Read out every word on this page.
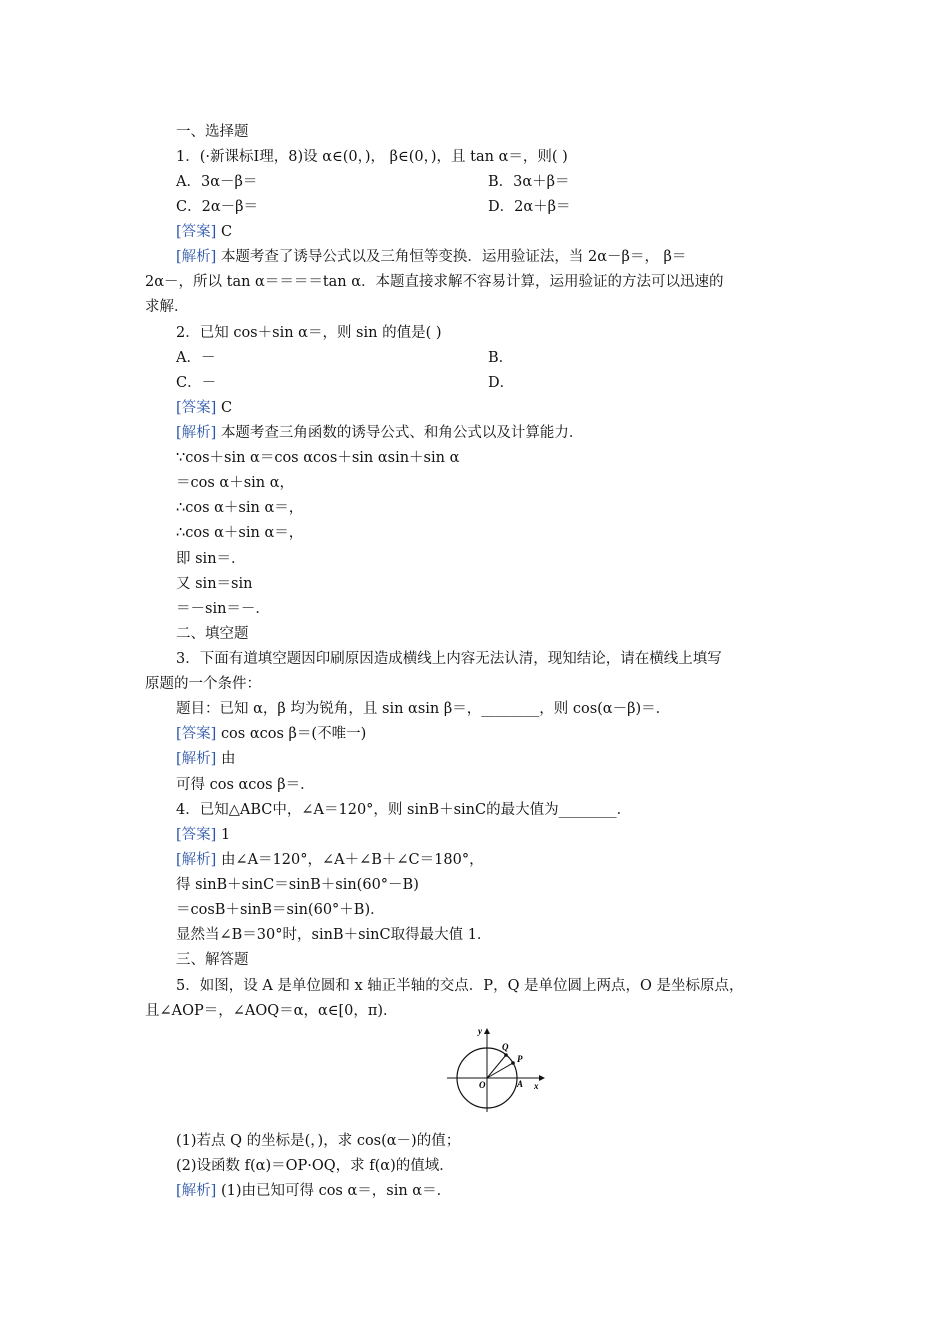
一、选择题
1．(·新课标Ⅰ理，8)设 α∈(0，)， β∈(0，)，且 tan α＝，则( )
A．3α－β＝	B．3α＋β＝
C．2α－β＝	D．2α＋β＝
[答案] C
[解析] 本题考查了诱导公式以及三角恒等变换．运用验证法，当 2α－β＝， β＝
2α－，所以 tan α＝＝＝＝tan α．本题直接求解不容易计算，运用验证的方法可以迅速的
求解．
2．已知 cos＋sin α＝，则 sin 的值是( )
A．－	B．
C．－	D．
[答案] C
[解析] 本题考查三角函数的诱导公式、和角公式以及计算能力．
∵cos＋sin α＝cos αcos＋sin αsin＋sin α
＝cos α＋sin α，
∴cos α＋sin α＝，
∴cos α＋sin α＝，
即 sin＝．
又 sin＝sin
＝－sin＝－．
二、填空题
3．下面有道填空题因印刷原因造成横线上内容无法认清，现知结论，请在横线上填写
原题的一个条件：
题目：已知 α，β 均为锐角，且 sin αsin β＝，________，则 cos(α－β)＝．
[答案] cos αcos β＝(不唯一)
[解析] 由
可得 cos αcos β＝．
4．已知△ABC中，∠A＝120°，则 sinB＋sinC的最大值为________．
[答案] 1
[解析] 由∠A＝120°，∠A＋∠B＋∠C＝180°，
得 sinB＋sinC＝sinB＋sin(60°－B)
＝cosB＋sinB＝sin(60°＋B)．
显然当∠B＝30°时，sinB＋sinC取得最大值 1．
三、解答题
5．如图，设 A 是单位圆和 x 轴正半轴的交点．P，Q 是单位圆上两点，O 是坐标原点，
且∠AOP＝，∠AOQ＝α，α∈[0，π)．
(1)若点 Q 的坐标是(，)，求 cos(α－)的值；
(2)设函数 f(α)＝OP·OQ，求 f(α)的值域．
[解析] (1)由已知可得 cos α＝，sin α＝．
y
x
O	A
P
Q
